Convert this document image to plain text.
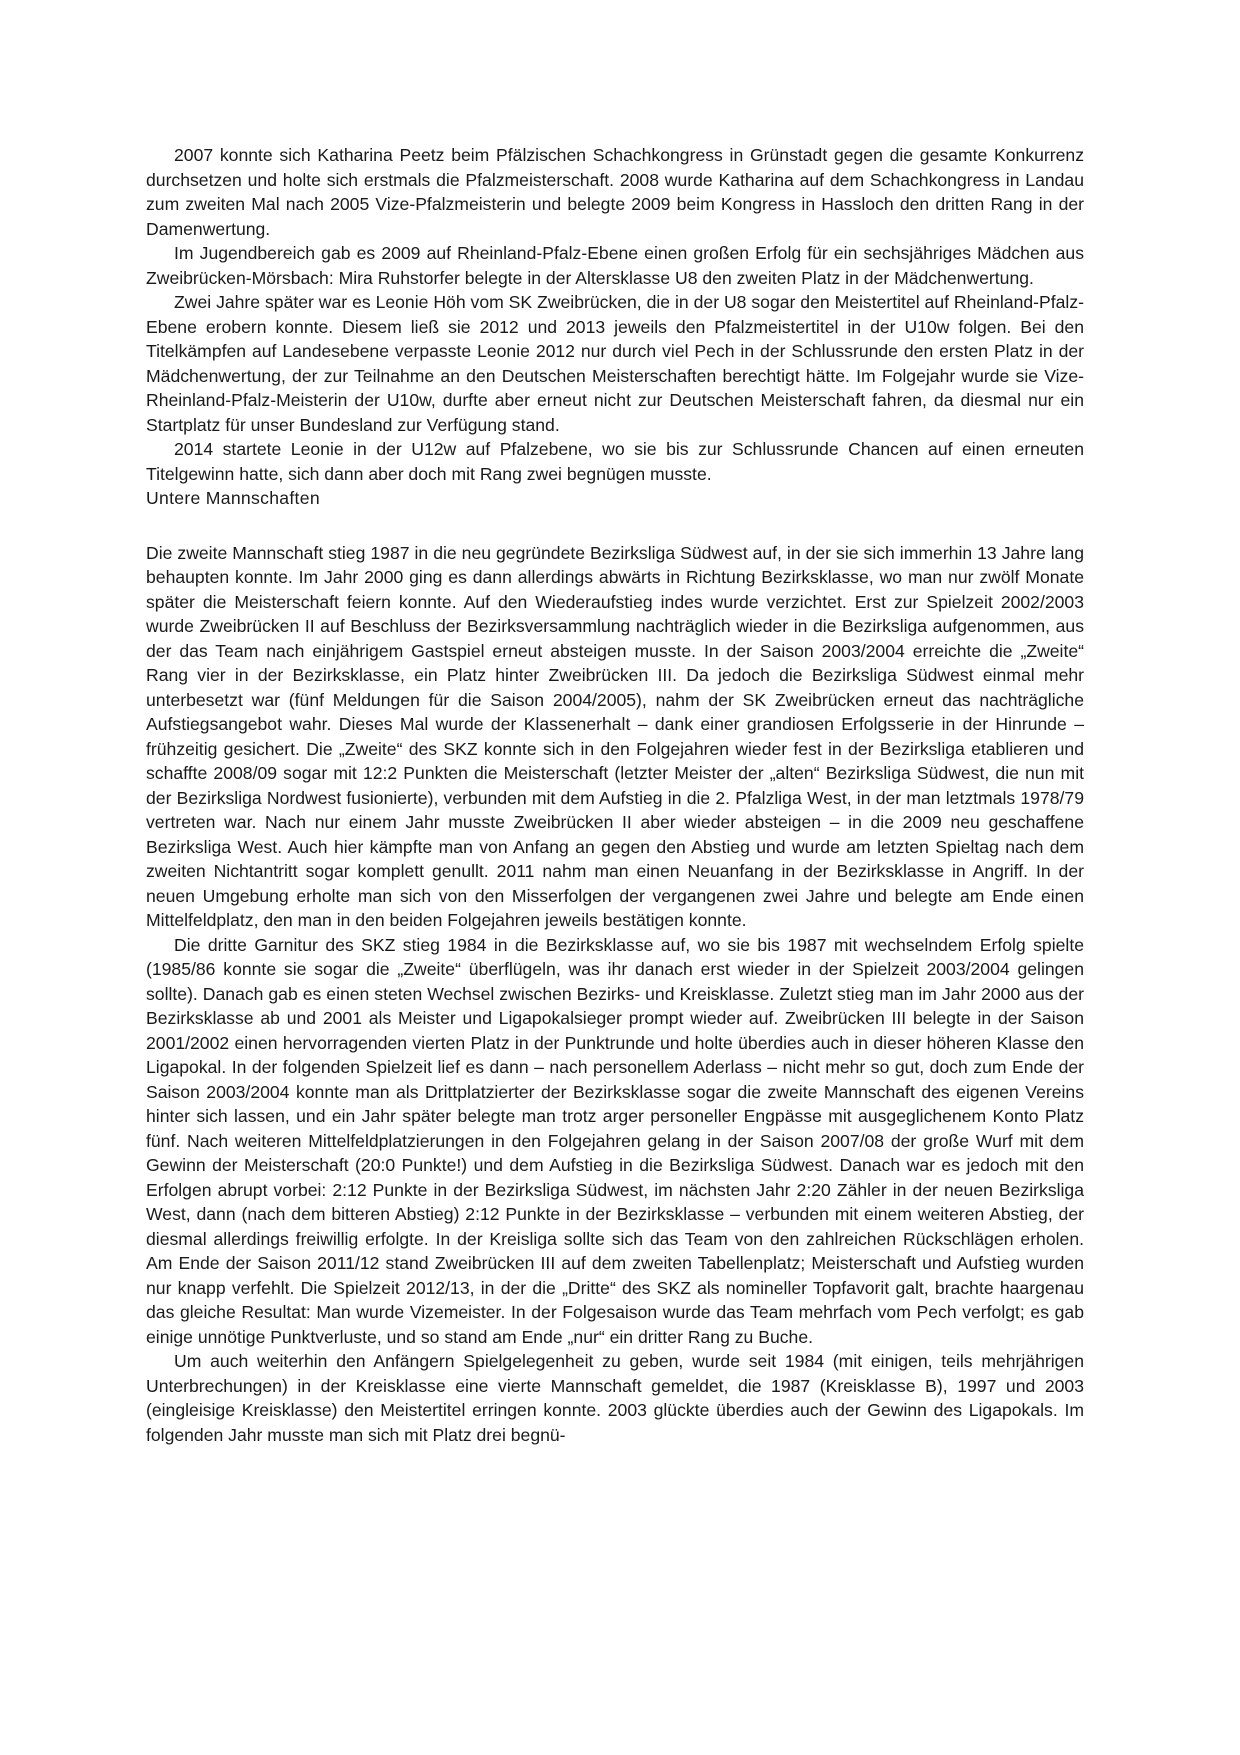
2007 konnte sich Katharina Peetz beim Pfälzischen Schachkongress in Grünstadt gegen die gesamte Konkurrenz durchsetzen und holte sich erstmals die Pfalzmeisterschaft. 2008 wurde Katharina auf dem Schachkongress in Landau zum zweiten Mal nach 2005 Vize-Pfalzmeisterin und belegte 2009 beim Kongress in Hassloch den dritten Rang in der Damenwertung.

Im Jugendbereich gab es 2009 auf Rheinland-Pfalz-Ebene einen großen Erfolg für ein sechsjähriges Mädchen aus Zweibrücken-Mörsbach: Mira Ruhstorfer belegte in der Altersklasse U8 den zweiten Platz in der Mädchenwertung.

Zwei Jahre später war es Leonie Höh vom SK Zweibrücken, die in der U8 sogar den Meistertitel auf Rheinland-Pfalz-Ebene erobern konnte. Diesem ließ sie 2012 und 2013 jeweils den Pfalzmeistertitel in der U10w folgen. Bei den Titelkämpfen auf Landesebene verpasste Leonie 2012 nur durch viel Pech in der Schlussrunde den ersten Platz in der Mädchenwertung, der zur Teilnahme an den Deutschen Meisterschaften berechtigt hätte. Im Folgejahr wurde sie Vize-Rheinland-Pfalz-Meisterin der U10w, durfte aber erneut nicht zur Deutschen Meisterschaft fahren, da diesmal nur ein Startplatz für unser Bundesland zur Verfügung stand.

2014 startete Leonie in der U12w auf Pfalzebene, wo sie bis zur Schlussrunde Chancen auf einen erneuten Titelgewinn hatte, sich dann aber doch mit Rang zwei begnügen musste.

Untere Mannschaften

Die zweite Mannschaft stieg 1987 in die neu gegründete Bezirksliga Südwest auf, in der sie sich immerhin 13 Jahre lang behaupten konnte. Im Jahr 2000 ging es dann allerdings abwärts in Richtung Bezirksklasse, wo man nur zwölf Monate später die Meisterschaft feiern konnte. Auf den Wiederaufstieg indes wurde verzichtet. Erst zur Spielzeit 2002/2003 wurde Zweibrücken II auf Beschluss der Bezirksversammlung nachträglich wieder in die Bezirksliga aufgenommen, aus der das Team nach einjährigem Gastspiel erneut absteigen musste. In der Saison 2003/2004 erreichte die „Zweite“ Rang vier in der Bezirksklasse, ein Platz hinter Zweibrücken III. Da jedoch die Bezirksliga Südwest einmal mehr unterbesetzt war (fünf Meldungen für die Saison 2004/2005), nahm der SK Zweibrücken erneut das nachträgliche Aufstiegsangebot wahr. Dieses Mal wurde der Klassenerhalt – dank einer grandiosen Erfolgsserie in der Hinrunde – frühzeitig gesichert. Die „Zweite“ des SKZ konnte sich in den Folgejahren wieder fest in der Bezirksliga etablieren und schaffte 2008/09 sogar mit 12:2 Punkten die Meisterschaft (letzter Meister der „alten“ Bezirksliga Südwest, die nun mit der Bezirksliga Nordwest fusionierte), verbunden mit dem Aufstieg in die 2. Pfalzliga West, in der man letztmals 1978/79 vertreten war. Nach nur einem Jahr musste Zweibrücken II aber wieder absteigen – in die 2009 neu geschaffene Bezirksliga West. Auch hier kämpfte man von Anfang an gegen den Abstieg und wurde am letzten Spieltag nach dem zweiten Nichtantritt sogar komplett genullt. 2011 nahm man einen Neuanfang in der Bezirksklasse in Angriff. In der neuen Umgebung erholte man sich von den Misserfolgen der vergangenen zwei Jahre und belegte am Ende einen Mittelfeldplatz, den man in den beiden Folgejahren jeweils bestätigen konnte.

Die dritte Garnitur des SKZ stieg 1984 in die Bezirksklasse auf, wo sie bis 1987 mit wechselndem Erfolg spielte (1985/86 konnte sie sogar die „Zweite“ überflügeln, was ihr danach erst wieder in der Spielzeit 2003/2004 gelingen sollte). Danach gab es einen steten Wechsel zwischen Bezirks- und Kreisklasse. Zuletzt stieg man im Jahr 2000 aus der Bezirksklasse ab und 2001 als Meister und Ligapokalsieger prompt wieder auf. Zweibrücken III belegte in der Saison 2001/2002 einen hervorragenden vierten Platz in der Punktrunde und holte überdies auch in dieser höheren Klasse den Ligapokal. In der folgenden Spielzeit lief es dann – nach personellem Aderlass – nicht mehr so gut, doch zum Ende der Saison 2003/2004 konnte man als Drittplatzierter der Bezirksklasse sogar die zweite Mannschaft des eigenen Vereins hinter sich lassen, und ein Jahr später belegte man trotz arger personeller Engpässe mit ausgeglichenem Konto Platz fünf. Nach weiteren Mittelfeldplatzierungen in den Folgejahren gelang in der Saison 2007/08 der große Wurf mit dem Gewinn der Meisterschaft (20:0 Punkte!) und dem Aufstieg in die Bezirksliga Südwest. Danach war es jedoch mit den Erfolgen abrupt vorbei: 2:12 Punkte in der Bezirksliga Südwest, im nächsten Jahr 2:20 Zähler in der neuen Bezirksliga West, dann (nach dem bitteren Abstieg) 2:12 Punkte in der Bezirksklasse – verbunden mit einem weiteren Abstieg, der diesmal allerdings freiwillig erfolgte. In der Kreisliga sollte sich das Team von den zahlreichen Rückschlägen erholen. Am Ende der Saison 2011/12 stand Zweibrücken III auf dem zweiten Tabellenplatz; Meisterschaft und Aufstieg wurden nur knapp verfehlt. Die Spielzeit 2012/13, in der die „Dritte“ des SKZ als nomineller Topfavorit galt, brachte haargenau das gleiche Resultat: Man wurde Vizemeister. In der Folgesaison wurde das Team mehrfach vom Pech verfolgt; es gab einige unnötige Punktverluste, und so stand am Ende „nur“ ein dritter Rang zu Buche.

Um auch weiterhin den Anfängern Spielgelegenheit zu geben, wurde seit 1984 (mit einigen, teils mehrjährigen Unterbrechungen) in der Kreisklasse eine vierte Mannschaft gemeldet, die 1987 (Kreisklasse B), 1997 und 2003 (eingleisige Kreisklasse) den Meistertitel erringen konnte. 2003 glückte überdies auch der Gewinn des Ligapokals. Im folgenden Jahr musste man sich mit Platz drei begnü-
